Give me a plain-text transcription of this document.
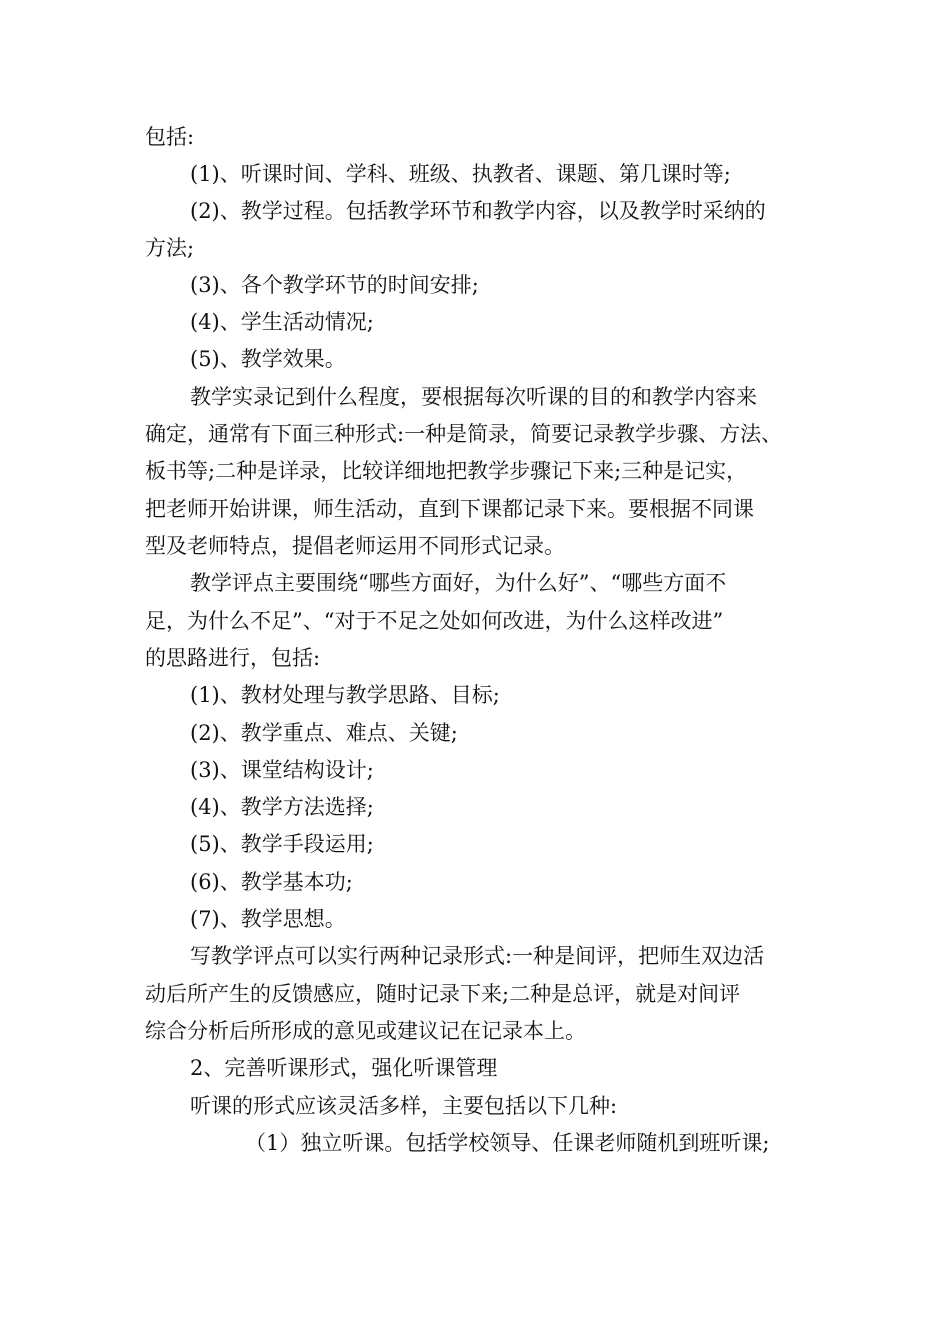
包括:
(1)、听课时间、学科、班级、执教者、课题、第几课时等;
(2)、教学过程。包括教学环节和教学内容，以及教学时采纳的
方法;
(3)、各个教学环节的时间安排;
(4)、学生活动情况;
(5)、教学效果。
教学实录记到什么程度，要根据每次听课的目的和教学内容来
确定，通常有下面三种形式:一种是简录，简要记录教学步骤、方法、
板书等;二种是详录，比较详细地把教学步骤记下来;三种是记实，
把老师开始讲课，师生活动，直到下课都记录下来。要根据不同课
型及老师特点，提倡老师运用不同形式记录。
教学评点主要围绕“哪些方面好，为什么好”、“哪些方面不
足，为什么不足”、“对于不足之处如何改进，为什么这样改进”
的思路进行，包括:
(1)、教材处理与教学思路、目标;
(2)、教学重点、难点、关键;
(3)、课堂结构设计;
(4)、教学方法选择;
(5)、教学手段运用;
(6)、教学基本功;
(7)、教学思想。
写教学评点可以实行两种记录形式:一种是间评，把师生双边活
动后所产生的反馈感应，随时记录下来;二种是总评，就是对间评
综合分析后所形成的意见或建议记在记录本上。
2、完善听课形式，强化听课管理
听课的形式应该灵活多样，主要包括以下几种:
（1）独立听课。包括学校领导、任课老师随机到班听课;
